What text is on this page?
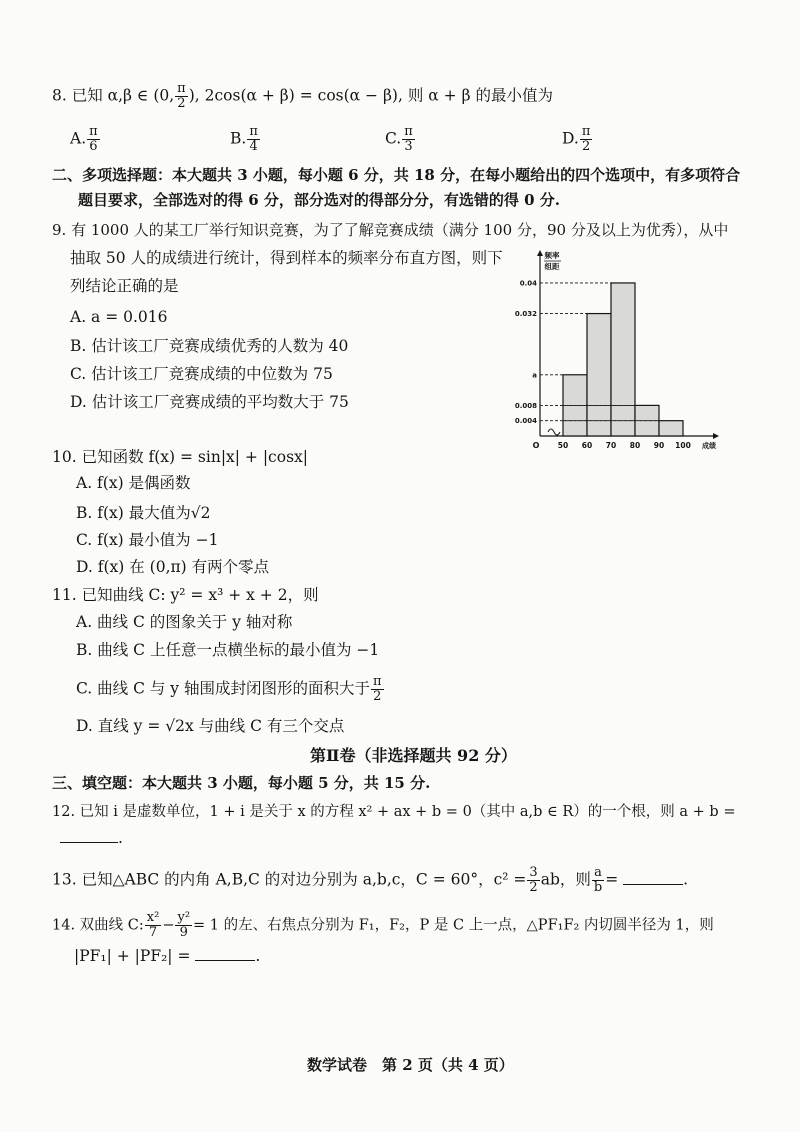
8. 已知 α,β ∈ (0, $\frac{\pi}{2}$ ), 2cos(α + β) = cos(α − β), 则 α + β 的最小值为
A. $\frac{\pi}{6}$	B. $\frac{\pi}{4}$	C. $\frac{\pi}{3}$	D. $\frac{\pi}{2}$
二、多项选择题：本大题共 3 小题，每小题 6 分，共 18 分，在每小题给出的四个选项中，有多项符合
题目要求，全部选对的得 6 分，部分选对的得部分分，有选错的得 0 分.
9. 有 1000 人的某工厂举行知识竞赛，为了了解竞赛成绩（满分 100 分，90 分及以上为优秀），从中
抽取 50 人的成绩进行统计，得到样本的频率分布直方图，则下
列结论正确的是
A. a = 0.016
B. 估计该工厂竞赛成绩优秀的人数为 40
C. 估计该工厂竞赛成绩的中位数为 75
D. 估计该工厂竞赛成绩的平均数大于 75
频率
组距
0.04
0.032
a
0.008
0.004
50 60 70 80 90 100
O	成绩
10. 已知函数 f(x) = sin|x| + |cosx|
A. f(x) 是偶函数
B. f(x) 最大值为√2
C. f(x) 最小值为 −1
D. f(x) 在 (0,π) 有两个零点
11. 已知曲线 C: y² = x³ + x + 2，则
A. 曲线 C 的图象关于 y 轴对称
B. 曲线 C 上任意一点横坐标的最小值为 −1
C. 曲线 C 与 y 轴围成封闭图形的面积大于 $\frac{\pi}{2}$
D. 直线 y = √2x 与曲线 C 有三个交点
第Ⅱ卷（非选择题共 92 分）
三、填空题：本大题共 3 小题，每小题 5 分，共 15 分.
12. 已知 i 是虚数单位，1 + i 是关于 x 的方程 x² + ax + b = 0（其中 a,b ∈ R）的一个根，则 a + b =
.
13. 已知△ABC 的内角 A,B,C 的对边分别为 a,b,c，C = 60°，$c^2 = \frac{3}{2}$ ab，则 $\frac{a}{b}$ =	.
14. 双曲线 C: $\frac{\text{x²}}{7} - \frac{\text{y²}}{9} = 1$ 的左、右焦点分别为 F₁，F₂，P 是 C 上一点，△PF₁F₂ 内切圆半径为 1，则
|PF₁| + |PF₂| =	.
数学试卷　第 2 页（共 4 页）
